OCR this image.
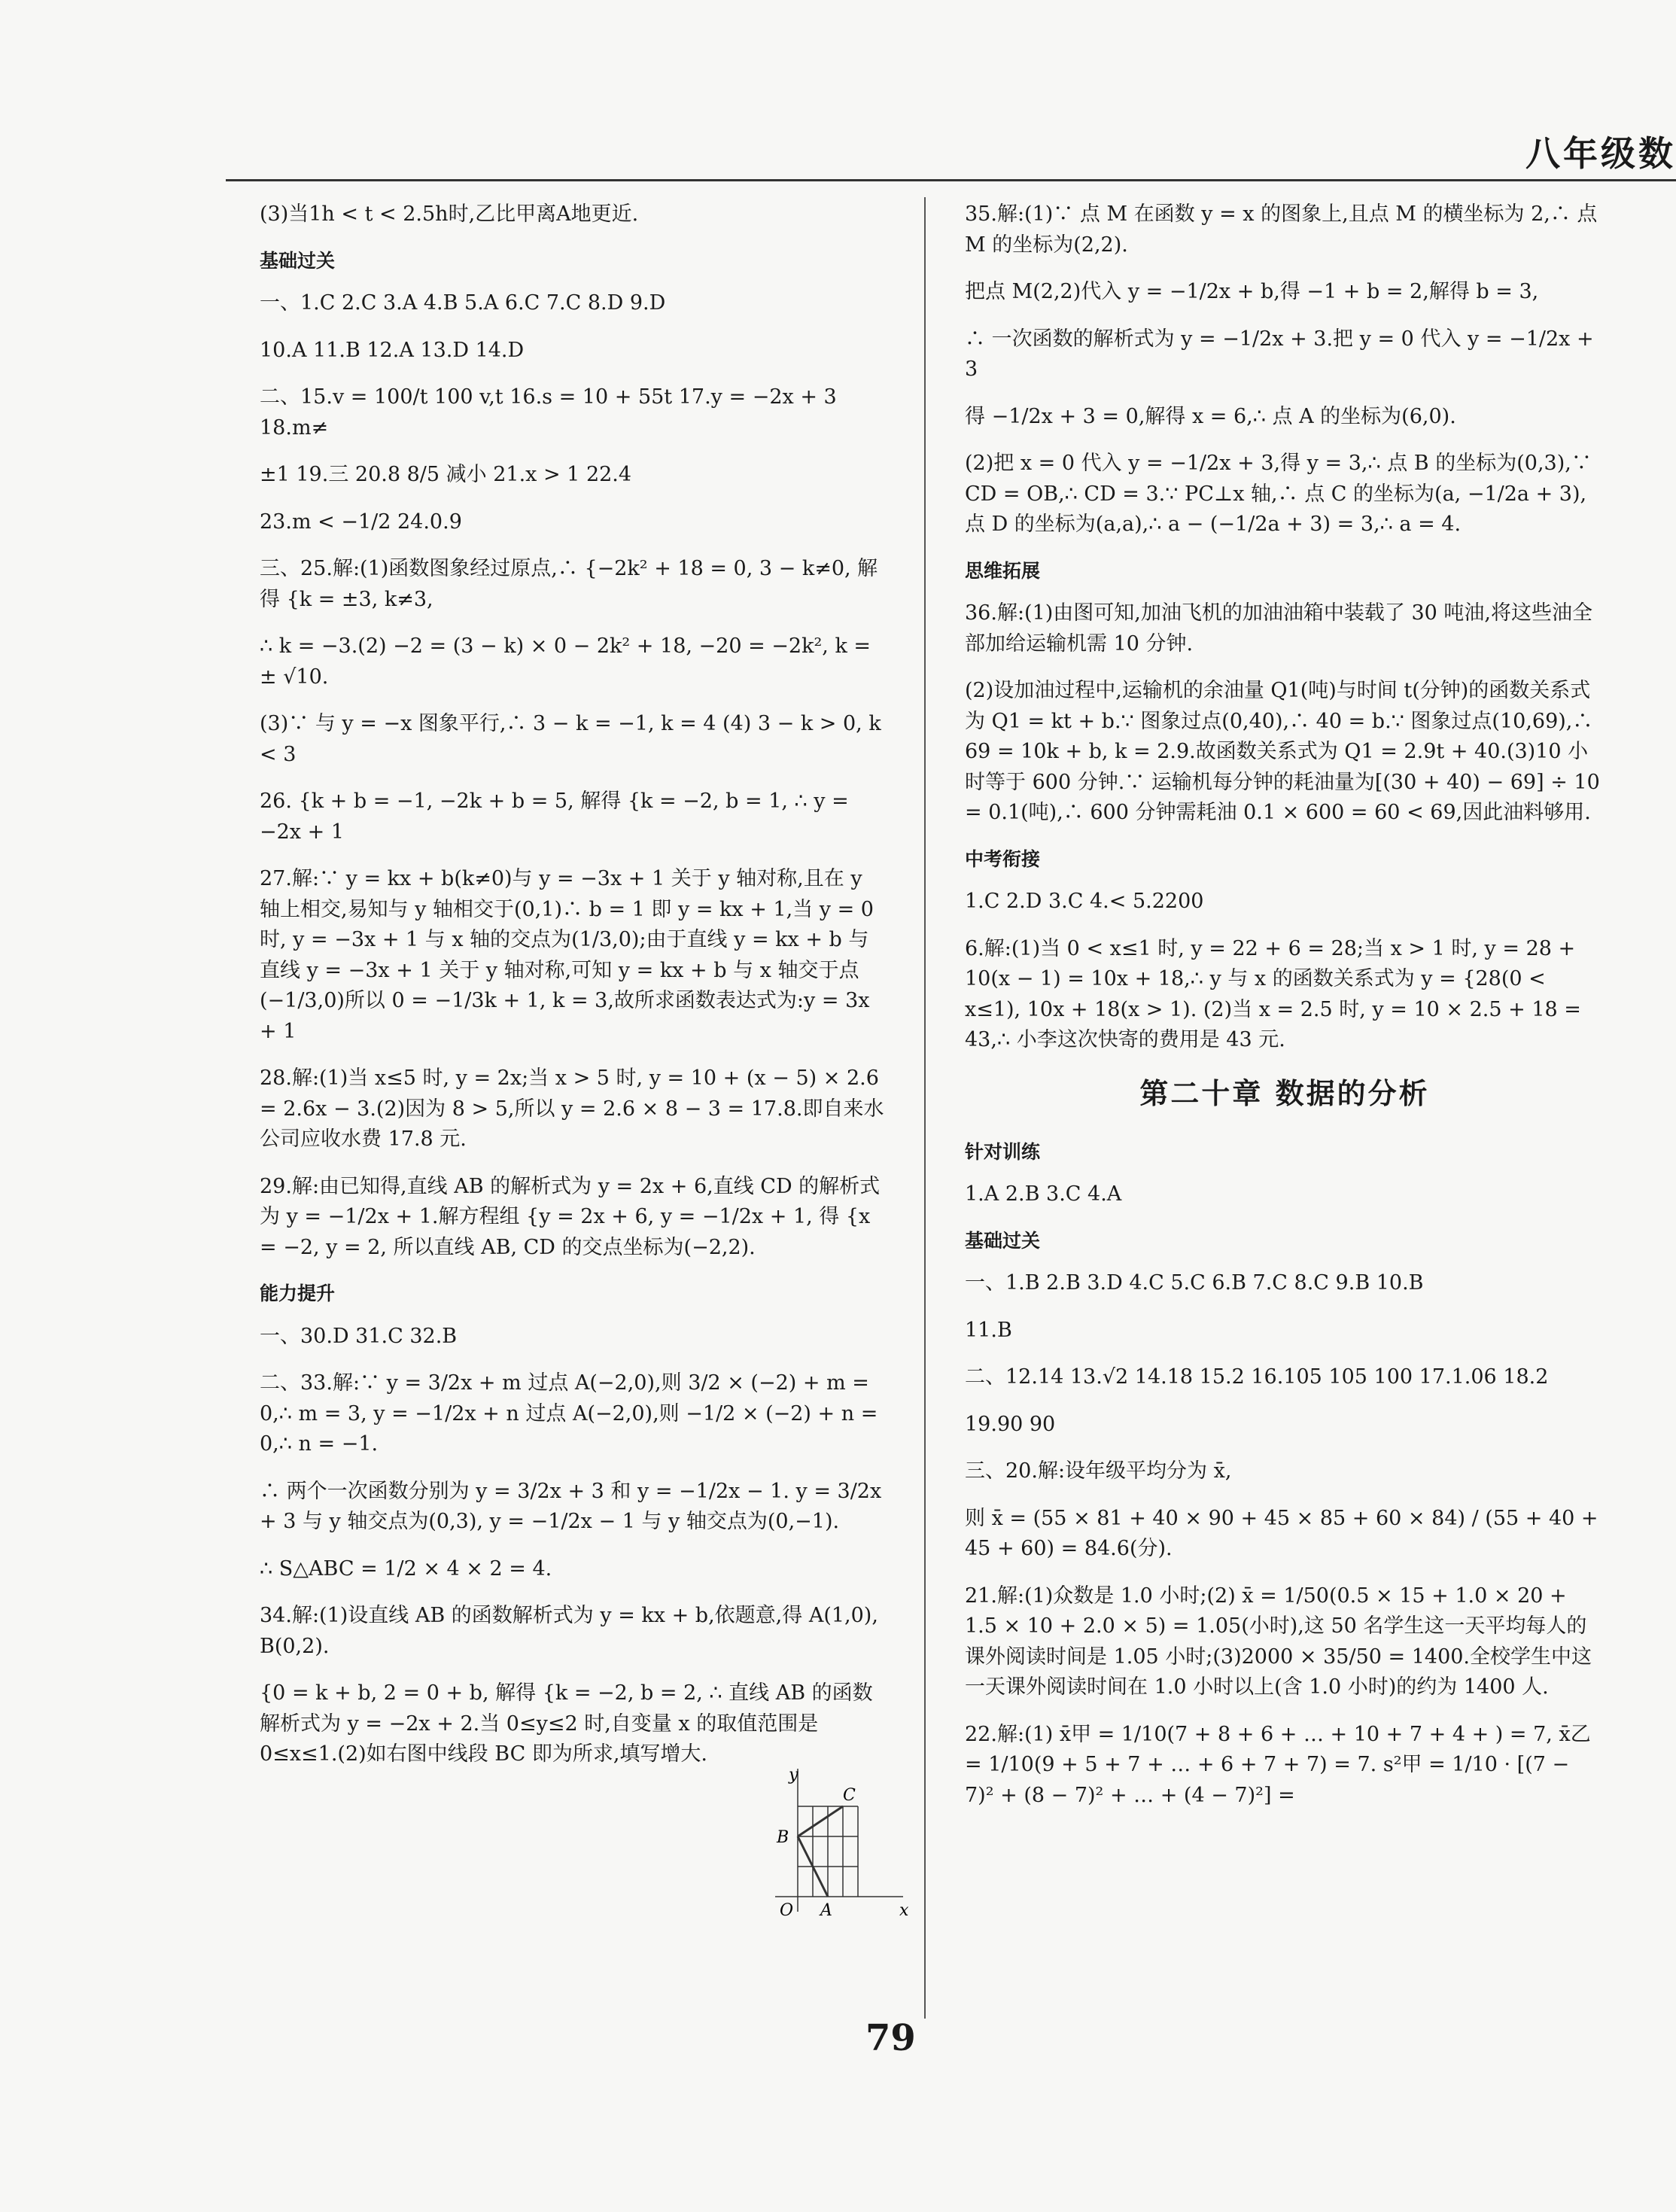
八年级数
(3)当1h < t < 2.5h时,乙比甲离A地更近.
基础过关
一、1.C 2.C 3.A 4.B 5.A 6.C 7.C 8.D 9.D
10.A 11.B 12.A 13.D 14.D
二、15.v = 100/t 100 v,t 16.s = 10 + 55t 17.y = −2x + 3 18.m≠
±1 19.三 20.8 8/5 减小 21.x > 1 22.4
23.m < −1/2 24.0.9
三、25.解:(1)函数图象经过原点,∴ {−2k² + 18 = 0, 3 − k≠0, 解得 {k = ±3, k≠3,
∴ k = −3.(2) −2 = (3 − k) × 0 − 2k² + 18, −20 = −2k², k = ± √10.
(3)∵ 与 y = −x 图象平行,∴ 3 − k = −1, k = 4 (4) 3 − k > 0, k < 3
26. {k + b = −1, −2k + b = 5, 解得 {k = −2, b = 1, ∴ y = −2x + 1
27.解:∵ y = kx + b(k≠0)与 y = −3x + 1 关于 y 轴对称,且在 y 轴上相交,易知与 y 轴相交于(0,1)∴ b = 1 即 y = kx + 1,当 y = 0 时, y = −3x + 1 与 x 轴的交点为(1/3,0);由于直线 y = kx + b 与直线 y = −3x + 1 关于 y 轴对称,可知 y = kx + b 与 x 轴交于点(−1/3,0)所以 0 = −1/3k + 1, k = 3,故所求函数表达式为:y = 3x + 1
28.解:(1)当 x≤5 时, y = 2x;当 x > 5 时, y = 10 + (x − 5) × 2.6 = 2.6x − 3.(2)因为 8 > 5,所以 y = 2.6 × 8 − 3 = 17.8.即自来水公司应收水费 17.8 元.
29.解:由已知得,直线 AB 的解析式为 y = 2x + 6,直线 CD 的解析式为 y = −1/2x + 1.解方程组 {y = 2x + 6, y = −1/2x + 1, 得 {x = −2, y = 2, 所以直线 AB, CD 的交点坐标为(−2,2).
能力提升
一、30.D 31.C 32.B
二、33.解:∵ y = 3/2x + m 过点 A(−2,0),则 3/2 × (−2) + m = 0,∴ m = 3, y = −1/2x + n 过点 A(−2,0),则 −1/2 × (−2) + n = 0,∴ n = −1.
∴ 两个一次函数分别为 y = 3/2x + 3 和 y = −1/2x − 1. y = 3/2x + 3 与 y 轴交点为(0,3), y = −1/2x − 1 与 y 轴交点为(0,−1).
∴ S△ABC = 1/2 × 4 × 2 = 4.
34.解:(1)设直线 AB 的函数解析式为 y = kx + b,依题意,得 A(1,0), B(0,2).
{0 = k + b, 2 = 0 + b, 解得 {k = −2, b = 2, ∴ 直线 AB 的函数解析式为 y = −2x + 2.当 0≤y≤2 时,自变量 x 的取值范围是 0≤x≤1.(2)如右图中线段 BC 即为所求,填写增大.
35.解:(1)∵ 点 M 在函数 y = x 的图象上,且点 M 的横坐标为 2,∴ 点 M 的坐标为(2,2).
把点 M(2,2)代入 y = −1/2x + b,得 −1 + b = 2,解得 b = 3,
∴ 一次函数的解析式为 y = −1/2x + 3.把 y = 0 代入 y = −1/2x + 3
得 −1/2x + 3 = 0,解得 x = 6,∴ 点 A 的坐标为(6,0).
(2)把 x = 0 代入 y = −1/2x + 3,得 y = 3,∴ 点 B 的坐标为(0,3),∵ CD = OB,∴ CD = 3.∵ PC⊥x 轴,∴ 点 C 的坐标为(a, −1/2a + 3),点 D 的坐标为(a,a),∴ a − (−1/2a + 3) = 3,∴ a = 4.
思维拓展
36.解:(1)由图可知,加油飞机的加油油箱中装载了 30 吨油,将这些油全部加给运输机需 10 分钟.
(2)设加油过程中,运输机的余油量 Q1(吨)与时间 t(分钟)的函数关系式为 Q1 = kt + b.∵ 图象过点(0,40),∴ 40 = b.∵ 图象过点(10,69),∴ 69 = 10k + b, k = 2.9.故函数关系式为 Q1 = 2.9t + 40.(3)10 小时等于 600 分钟.∵ 运输机每分钟的耗油量为[(30 + 40) − 69] ÷ 10 = 0.1(吨),∴ 600 分钟需耗油 0.1 × 600 = 60 < 69,因此油料够用.
中考衔接
1.C 2.D 3.C 4.< 5.2200
6.解:(1)当 0 < x≤1 时, y = 22 + 6 = 28;当 x > 1 时, y = 28 + 10(x − 1) = 10x + 18,∴ y 与 x 的函数关系式为 y = {28(0 < x≤1), 10x + 18(x > 1). (2)当 x = 2.5 时, y = 10 × 2.5 + 18 = 43,∴ 小李这次快寄的费用是 43 元.
第二十章 数据的分析
针对训练
1.A 2.B 3.C 4.A
基础过关
一、1.B 2.B 3.D 4.C 5.C 6.B 7.C 8.C 9.B 10.B
11.B
二、12.14 13.√2 14.18 15.2 16.105 105 100 17.1.06 18.2
19.90 90
三、20.解:设年级平均分为 x̄,
则 x̄ = (55 × 81 + 40 × 90 + 45 × 85 + 60 × 84) / (55 + 40 + 45 + 60) = 84.6(分).
21.解:(1)众数是 1.0 小时;(2) x̄ = 1/50(0.5 × 15 + 1.0 × 20 + 1.5 × 10 + 2.0 × 5) = 1.05(小时),这 50 名学生这一天平均每人的课外阅读时间是 1.05 小时;(3)2000 × 35/50 = 1400.全校学生中这一天课外阅读时间在 1.0 小时以上(含 1.0 小时)的约为 1400 人.
22.解:(1) x̄甲 = 1/10(7 + 8 + 6 + … + 10 + 7 + 4 + ) = 7, x̄乙 = 1/10(9 + 5 + 7 + … + 6 + 7 + 7) = 7. s²甲 = 1/10 · [(7 − 7)² + (8 − 7)² + … + (4 − 7)²] =
y
x
O A
B
C
79
